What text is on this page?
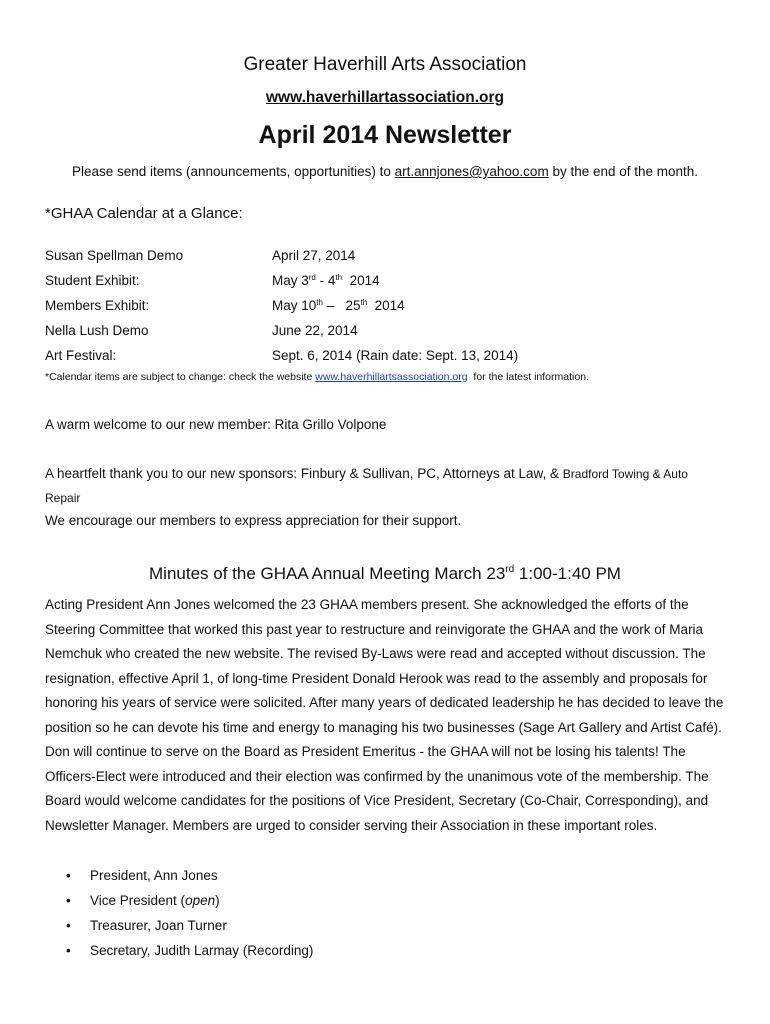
Greater Haverhill Arts Association
www.haverhillartassociation.org
April 2014 Newsletter
Please send items (announcements, opportunities) to art.annjones@yahoo.com by the end of the month.
*GHAA Calendar at a Glance:
Susan Spellman Demo	April 27, 2014
Student Exhibit:	May 3rd - 4th  2014
Members Exhibit:	May 10th –   25th  2014
Nella Lush Demo	June 22, 2014
Art Festival:	Sept. 6, 2014 (Rain date: Sept. 13, 2014)
*Calendar items are subject to change: check the website www.haverhillartsassociation.org  for the latest information.
A warm welcome to our new member: Rita Grillo Volpone
A heartfelt thank you to our new sponsors: Finbury & Sullivan, PC, Attorneys at Law, & Bradford Towing & Auto
Repair
We encourage our members to express appreciation for their support.
Minutes of the GHAA Annual Meeting March 23rd 1:00-1:40 PM
Acting President Ann Jones welcomed the 23 GHAA members present. She acknowledged the efforts of the Steering Committee that worked this past year to restructure and reinvigorate the GHAA and the work of Maria Nemchuk who created the new website. The revised By-Laws were read and accepted without discussion. The resignation, effective April 1, of long-time President Donald Herook was read to the assembly and proposals for honoring his years of service were solicited. After many years of dedicated leadership he has decided to leave the position so he can devote his time and energy to managing his two businesses (Sage Art Gallery and Artist Café). Don will continue to serve on the Board as President Emeritus - the GHAA will not be losing his talents! The Officers-Elect were introduced and their election was confirmed by the unanimous vote of the membership. The Board would welcome candidates for the positions of Vice President, Secretary (Co-Chair, Corresponding), and Newsletter Manager. Members are urged to consider serving their Association in these important roles.
• President, Ann Jones
• Vice President (open)
• Treasurer, Joan Turner
• Secretary, Judith Larmay (Recording)
